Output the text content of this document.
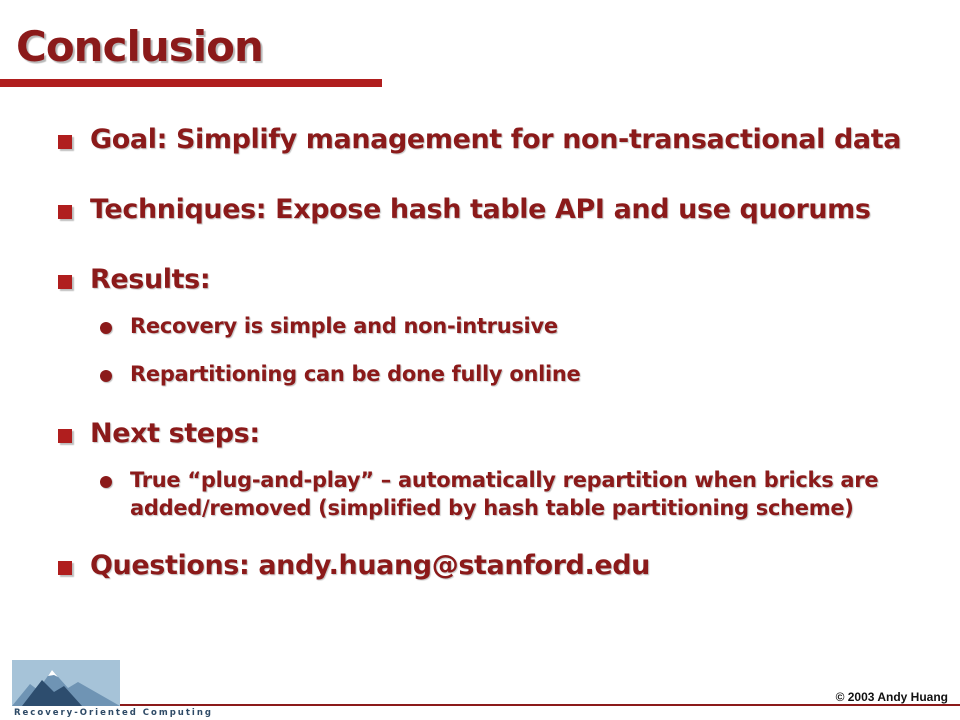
Conclusion
Goal: Simplify management for non-transactional data
Techniques: Expose hash table API and use quorums
Results:
Recovery is simple and non-intrusive
Repartitioning can be done fully online
Next steps:
True “plug-and-play” – automatically repartition when bricks are added/removed (simplified by hash table partitioning scheme)
Questions: andy.huang@stanford.edu
Recovery-Oriented Computing
© 2003 Andy Huang
